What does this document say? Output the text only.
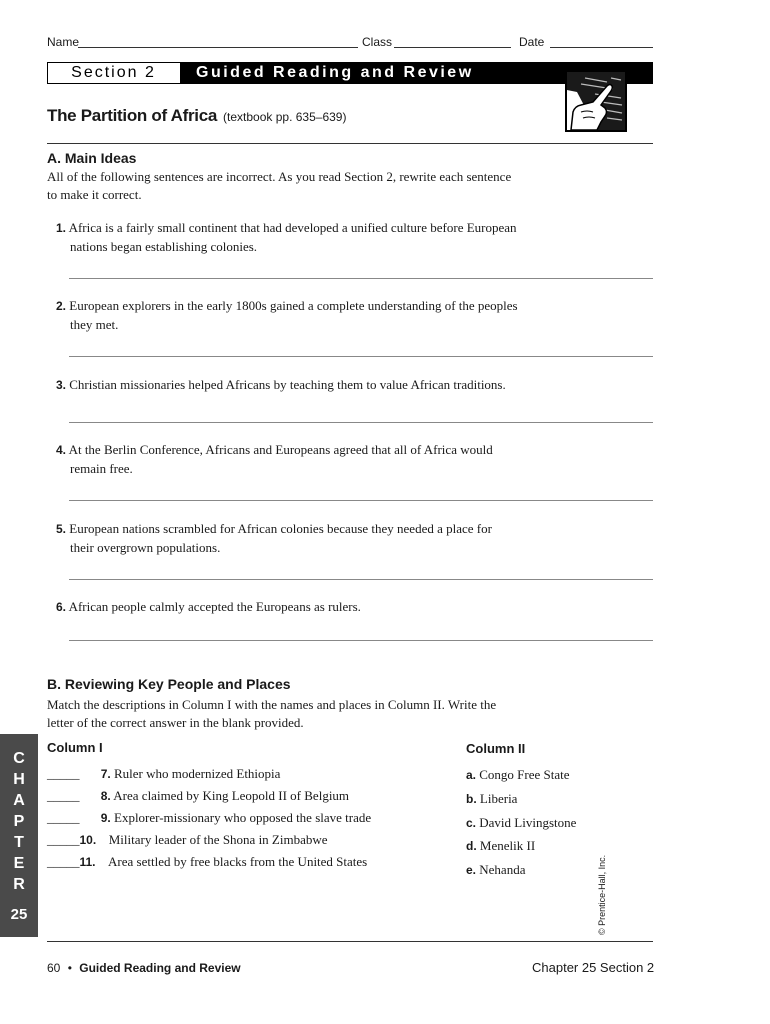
Name	Class	Date
Section 2	Guided Reading and Review
The Partition of Africa (textbook pp. 635–639)
A. Main Ideas
All of the following sentences are incorrect. As you read Section 2, rewrite each sentence
to make it correct.
1. Africa is a fairly small continent that had developed a unified culture before European
nations began establishing colonies.
2. European explorers in the early 1800s gained a complete understanding of the peoples
they met.
3. Christian missionaries helped Africans by teaching them to value African traditions.
4. At the Berlin Conference, Africans and Europeans agreed that all of Africa would
remain free.
5. European nations scrambled for African colonies because they needed a place for
their overgrown populations.
6. African people calmly accepted the Europeans as rulers.
B. Reviewing Key People and Places
Match the descriptions in Column I with the names and places in Column II. Write the
letter of the correct answer in the blank provided.
Column I	Column II
_____ 7. Ruler who modernized Ethiopia
_____ 8. Area claimed by King Leopold II of Belgium
_____ 9. Explorer-missionary who opposed the slave trade
_____10. Military leader of the Shona in Zimbabwe
_____11. Area settled by free blacks from the United States
a. Congo Free State
b. Liberia
c. David Livingstone
d. Menelik II
e. Nehanda
C
H
A
P
T
E
R
25	© Prentice-Hall, Inc.
60 • Guided Reading and Review	Chapter 25 Section 2
